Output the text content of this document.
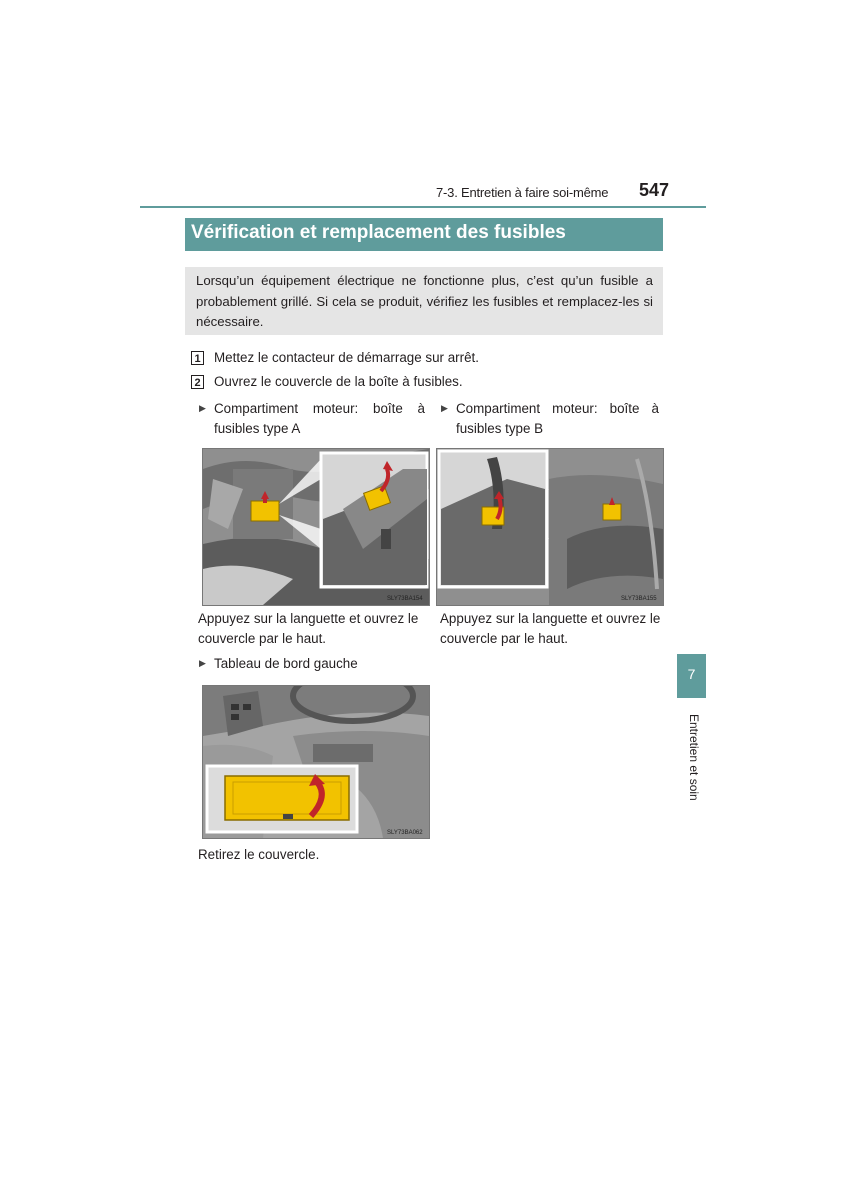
7-3. Entretien à faire soi-même 547
Vérification et remplacement des fusibles
Lorsqu’un équipement électrique ne fonctionne plus, c’est qu’un fusible a probablement grillé. Si cela se produit, vérifiez les fusibles et remplacez-les si nécessaire.
1 Mettez le contacteur de démarrage sur arrêt.
2 Ouvrez le couvercle de la boîte à fusibles.
▶ Compartiment moteur: boîte à fusibles type A
▶ Compartiment moteur: boîte à fusibles type B
SLY73BA154	SLY73BA155
Appuyez sur la languette et ouvrez le couvercle par le haut.
Appuyez sur la languette et ouvrez le couvercle par le haut.
▶ Tableau de bord gauche
SLY73BA062
Retirez le couvercle.
7
Entretien et soin
